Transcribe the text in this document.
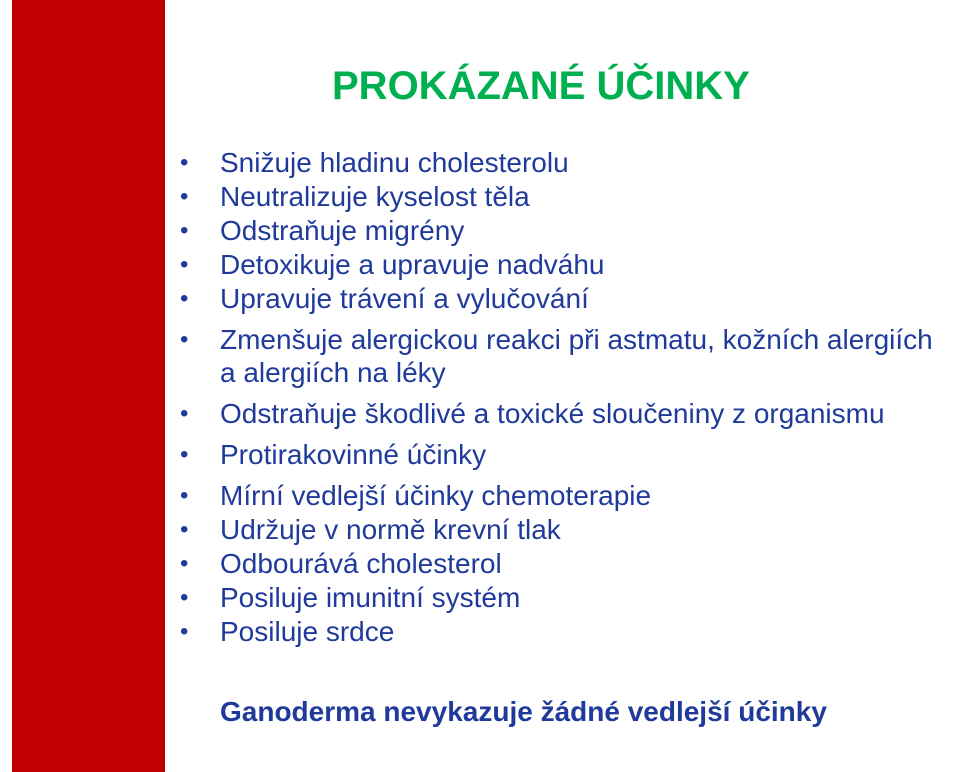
PROKÁZANÉ ÚČINKY
•	Snižuje hladinu cholesterolu
•	Neutralizuje kyselost těla
•	Odstraňuje migrény
•	Detoxikuje a upravuje nadváhu
•	Upravuje trávení a vylučování
•	Zmenšuje alergickou reakci při astmatu, kožních alergiích a alergiích na léky
•	Odstraňuje škodlivé a toxické sloučeniny z organismu
•	Protirakovinné účinky
•	Mírní vedlejší účinky chemoterapie
•	Udržuje v normě krevní tlak
•	Odbourává cholesterol
•	Posiluje imunitní systém
•	Posiluje srdce

Ganoderma nevykazuje žádné vedlejší účinky
